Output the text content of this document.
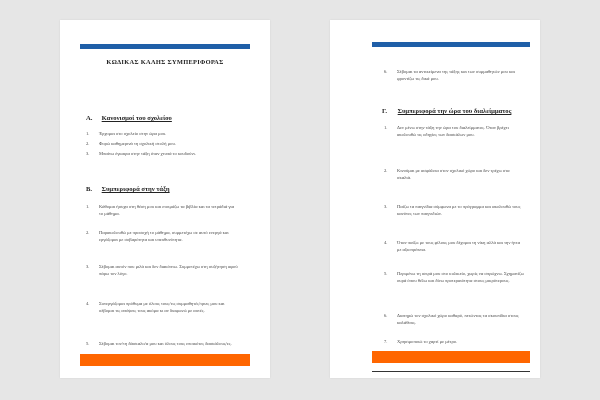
ΚΩΔΙΚΑΣ ΚΑΛΗΣ ΣΥΜΠΕΡΙΦΟΡΑΣ
Α. Κανονισμοί του σχολείου
1. Έρχομαι στο σχολείο στην ώρα μου.
2. Φορώ καθημερινά τη σχολική στολή μου.
3. Μπαίνω έγκαιρα στην τάξη όταν χτυπά το κουδούνι.
Β. Συμπεριφορά στην τάξη
1. Κάθομαι ήσυχα στη θέση μου και ετοιμάζω τα βιβλία και τα τετράδιά για το μάθημα.
2. Παρακολουθώ με προσοχή το μάθημα, συμμετέχω σε αυτό ενεργά και εργάζομαι με σοβαρότητα και υπευθυνότητα.
3. Σέβομαι αυτόν που μιλά και δεν διακόπτω. Συμμετέχω στη συζήτηση αφού πάρω τον λόγο.
4. Συνεργάζομαι πρόθυμα με όλους τους/τις συμμαθητές/τριες μου και σέβομαι τις απόψεις τους ακόμα κι αν διαφωνώ με αυτές.
5. Σέβομαι τον/τη δάσκαλο/α μου και όλους τους εποικότες δασκάλους/ες.
6. Σέβομαι τα αντικείμενα της τάξης και των συμμαθητών μου και φροντίζω τις δικά μου.
Γ. Συμπεριφορά την ώρα του διαλείμματος
1. Δεν μένω στην τάξη την ώρα του διαλείμματος. Όταν βρέχει ακολουθώ τις οδηγίες των δασκάλων μου.
2. Κινούμαι με ασφάλεια στον σχολικό χώρο και δεν τρέχω στα σκαλιά.
3. Παίζω τα παιγνίδια σύμφωνα με το πρόγραμμα και ακολουθώ τους κανόνες των παιγνιδιών.
4. Όταν παίζω με τους φίλους μου δέχομαι τη νίκη αλλά και την ήττα με αξιοπρέπεια.
5. Περιμένω τη σειρά μου στο κυλικείο, χωρίς να σπρώχνω. Σχηματίζω ουρά όπου θέλω και δίνω προτεραιότητα στους μικρότερους.
6. Διατηρώ τον σχολικό χώρο καθαρό, πετώντας τα σκουπίδια στους καλάθους.
7. Χρησιμοποιώ το χαρτί με μέτρο.
